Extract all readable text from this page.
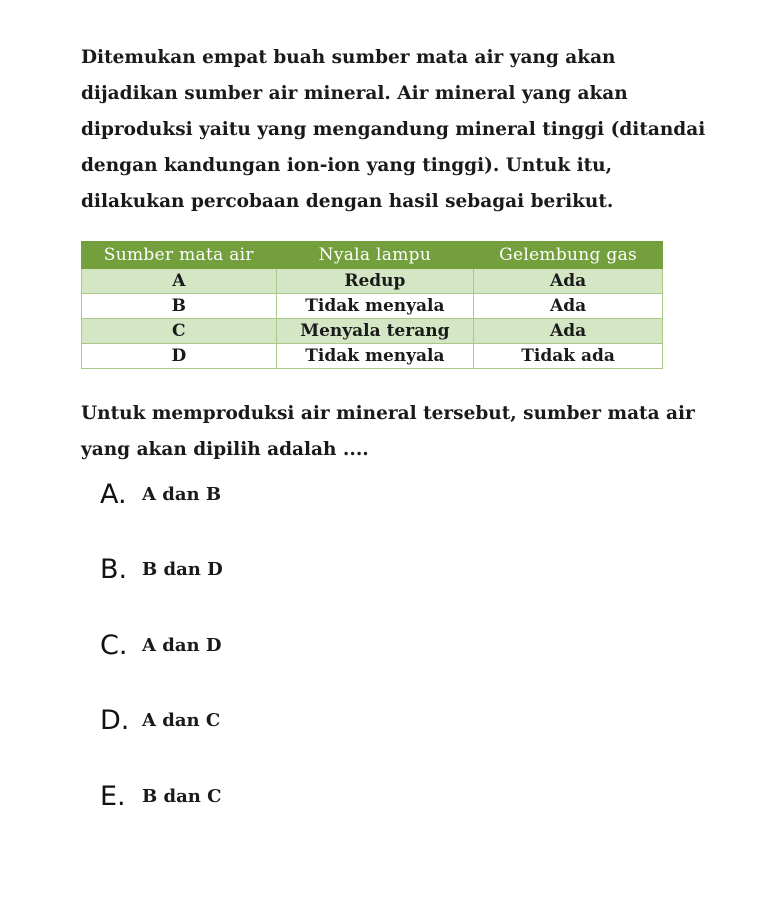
Ditemukan empat buah sumber mata air yang akan
dijadikan sumber air mineral. Air mineral yang akan
diproduksi yaitu yang mengandung mineral tinggi (ditandai
dengan kandungan ion-ion yang tinggi). Untuk itu,
dilakukan percobaan dengan hasil sebagai berikut.
Sumber mata air	Nyala lampu	Gelembung gas
A	Redup	Ada
B	Tidak menyala	Ada
C	Menyala terang	Ada
D	Tidak menyala	Tidak ada
Untuk memproduksi air mineral tersebut, sumber mata air
yang akan dipilih adalah ....
A. A dan B
B. B dan D
C. A dan D
D. A dan C
E. B dan C
